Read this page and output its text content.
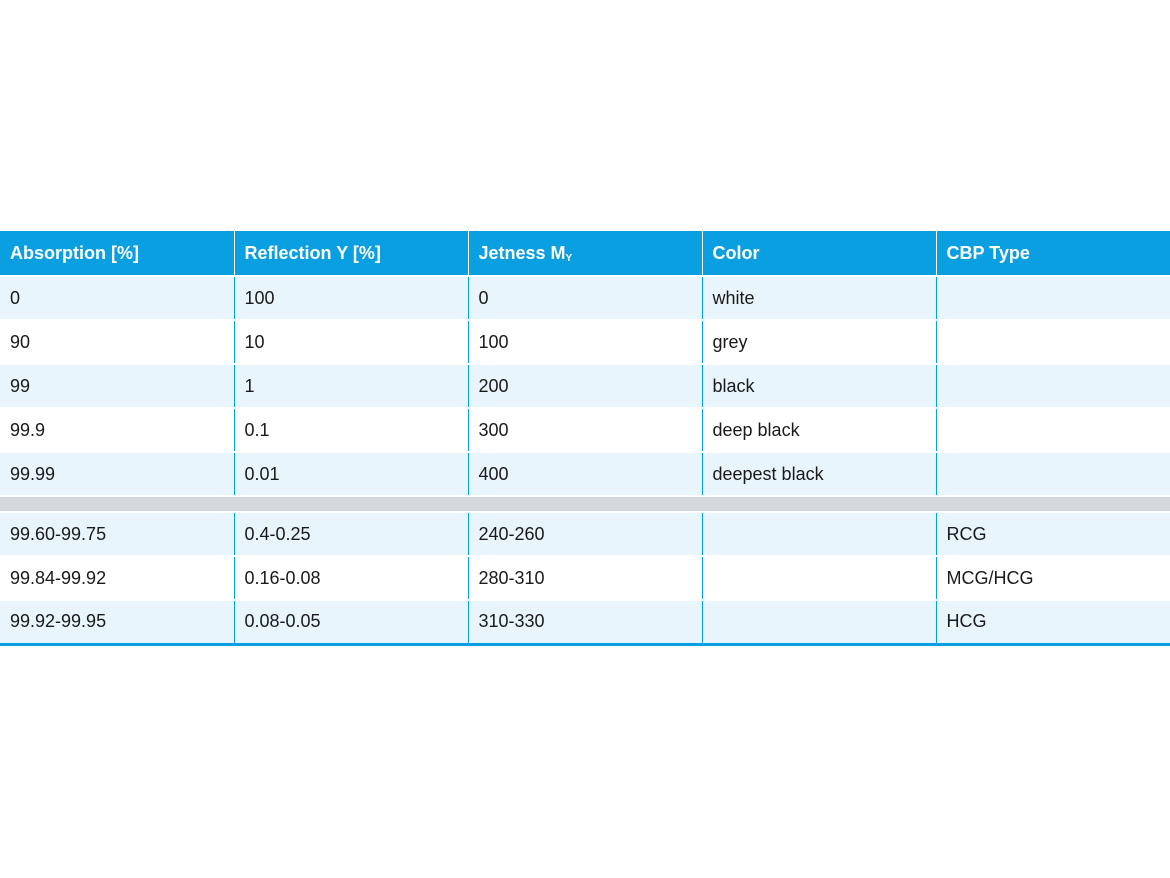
Absorption [%]	Reflection Y [%]	Jetness $M_Y$	Color	CBP Type
0	100	0	white	
90	10	100	grey	
99	1	200	black	
99.9	0.1	300	deep black	
99.99	0.01	400	deepest black	

99.60-99.75	0.4-0.25	240-260		RCG
99.84-99.92	0.16-0.08	280-310		MCG/HCG
99.92-99.95	0.08-0.05	310-330		HCG
